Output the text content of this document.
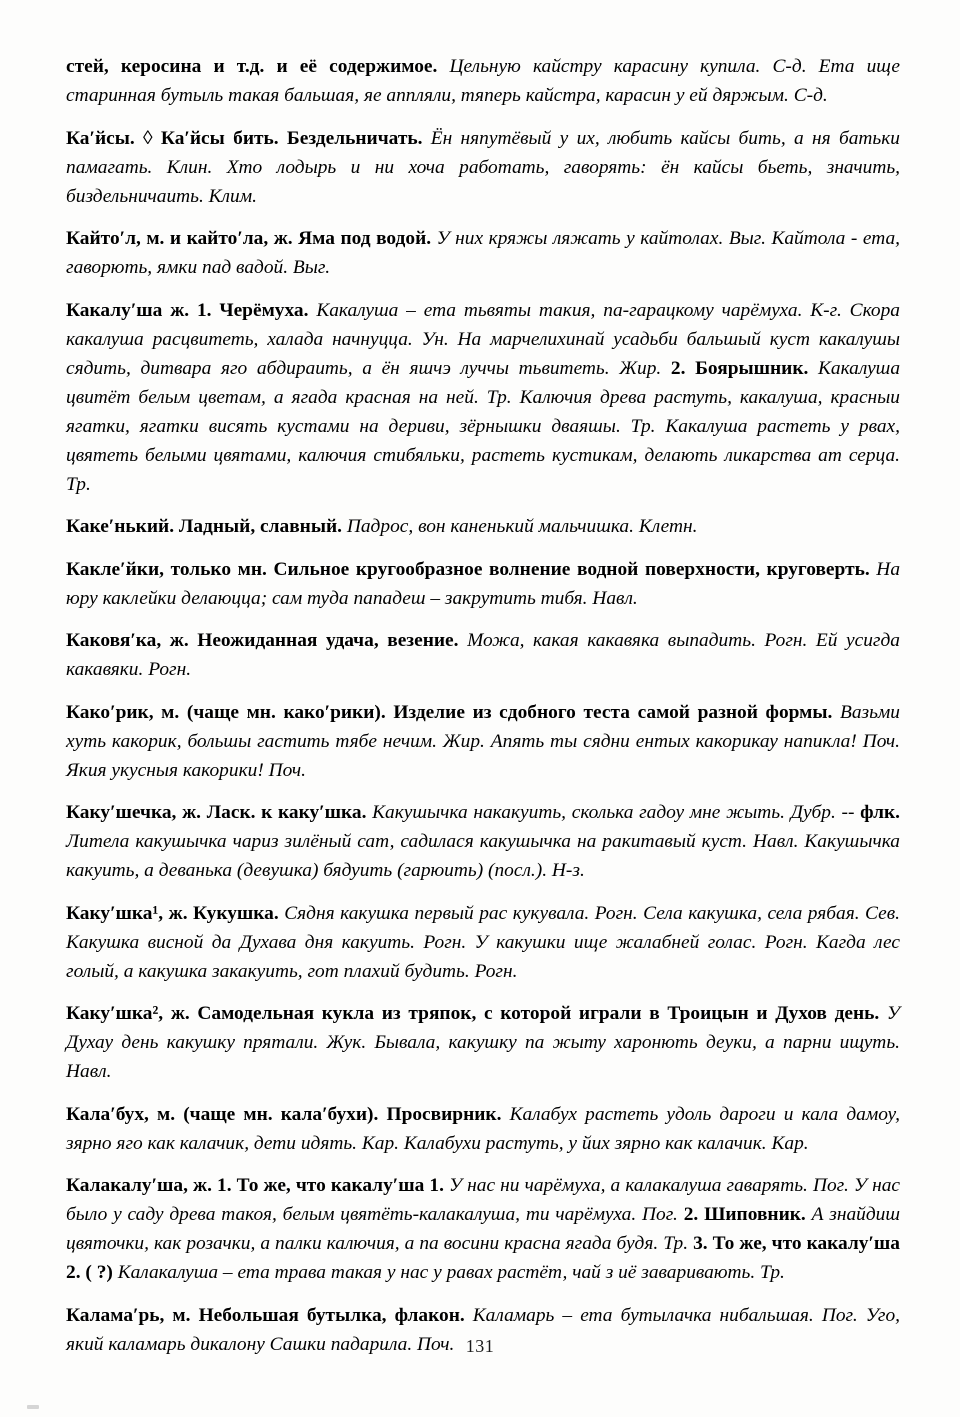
стей, керосина и т.д. и её содержимое. Цельную кайстру карасину купила. С-д. Ета ище старинная бутыль такая бальшая, яе аппляли, тяперь кайстра, карасин у ей дяржым. С-д.

Ка′йсы. ◊ Ка′йсы бить. Бездельничать. Ён няпутёвый у их, любить кайсы бить, а ня батьки памагать. Клин. Хто лодырь и ни хоча работать, гаворять: ён кайсы бьеть, значить, биздельничаить. Клим.

Кайто′л, м. и кайто′ла, ж. Яма под водой. У них кряжы ляжать у кайтолах. Выг. Кайтола - ета, гаворють, ямки пад вадой. Выг.

Какалу′ша ж. 1. Черёмуха. Какалуша – ета тьвяты такия, па-гарацкому чарёмуха. К-г. Скора какалуша расцвитеть, халада начнуцца. Ун. На марчелихинай усадьби бальшый куст какалушы сядить, дитвара яго абдираить, а ён яшчэ луччы тьвитеть. Жир. 2. Боярышник. Какалуша цвитёт белым цветам, а ягада красная на ней. Тр. Калючия древа растуть, какалуша, красныи ягатки, ягатки висять кустами на дериви, зёрнышки дваяшы. Тр. Какалуша растеть у рвах, цвятеть белыми цвятами, калючия стибяльки, растеть кустикам, делають ликарства ат серца. Тр.

Каке′нький. Ладный, славный. Падрос, вон каненький мальчишка. Клетн.

Какле′йки, только мн. Сильное кругообразное волнение водной поверхности, круговерть. На юру каклейки делаюцца; сам туда пападеш – закрутить тибя. Навл.

Каковя′ка, ж. Неожиданная удача, везение. Можа, какая какавяка выпадить. Рогн. Ей усигда какавяки. Рогн.

Како′рик, м. (чаще мн. како′рики). Изделие из сдобного теста самой разной формы. Вазьми хуть какорик, большы гастить тябе нечим. Жир. Апять ты сядни ентых какорикау напикла! Поч. Якия укусныя какорики! Поч.

Каку′шечка, ж. Ласк. к каку′шка. Какушычка накакуить, сколька гадоу мне жыть. Дубр. -- флк. Литела какушычка чариз зилёный сат, садилася какушычка на ракитавый куст. Навл. Какушычка какуить, а деванька (девушка) бядуить (гарюить) (посл.). Н-з.

Каку′шка¹, ж. Кукушка. Сядня какушка первый рас кукувала. Рогн. Села какушка, села рябая. Сев. Какушка висной да Духава дня какуить. Рогн. У какушки ище жалабней голас. Рогн. Кагда лес голый, а какушка закакуить, гот плахий будить. Рогн.

Каку′шка², ж. Самодельная кукла из тряпок, с которой играли в Троицын и Духов день. У Духау день какушку прятали. Жук. Бывала, какушку па жыту харонють деуки, а парни ищуть. Навл.

Кала′бух, м. (чаще мн. кала′бухи). Просвирник. Калабух растеть удоль дароги и кала дамоу, зярно яго как калачик, дети идять. Кар. Калабухи растуть, у йих зярно как калачик. Кар.

Калакалу′ша, ж. 1. То же, что какалу′ша 1. У нас ни чарёмуха, а калакалуша гаварять. Пог. У нас было у саду древа такоя, белым цвятёть-калакалуша, ти чарёмуха. Пог. 2. Шиповник. А знайдиш цвяточки, как розачки, а палки калючия, а па восини красна ягада будя. Тр. 3. То же, что какалу′ша 2. ( ?) Калакалуша – ета трава такая у нас у равах растёт, чай з иё заваривають. Тр.

Калама′рь, м. Небольшая бутылка, флакон. Каламарь – ета бутылачка нибальшая. Пог. Уго, який каламарь дикалону Сашки падарила. Поч. 131
